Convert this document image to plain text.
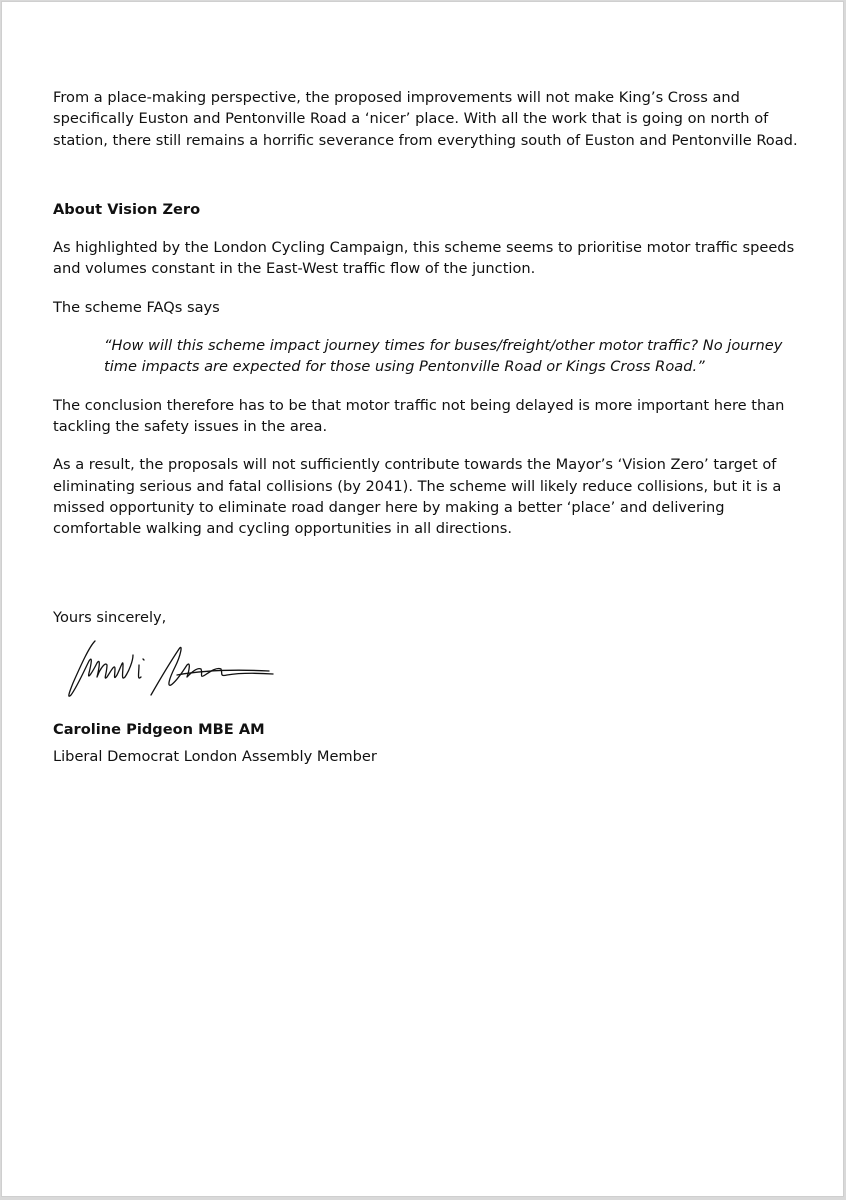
From a place-making perspective, the proposed improvements will not make King’s Cross and specifically Euston and Pentonville Road a ‘nicer’ place. With all the work that is going on north of station, there still remains a horrific severance from everything south of Euston and Pentonville Road.

About Vision Zero

As highlighted by the London Cycling Campaign, this scheme seems to prioritise motor traffic speeds and volumes constant in the East-West traffic flow of the junction.

The scheme FAQs says

“How will this scheme impact journey times for buses/freight/other motor traffic? No journey time impacts are expected for those using Pentonville Road or Kings Cross Road.”

The conclusion therefore has to be that motor traffic not being delayed is more important here than tackling the safety issues in the area.

As a result, the proposals will not sufficiently contribute towards the Mayor’s ‘Vision Zero’ target of eliminating serious and fatal collisions (by 2041). The scheme will likely reduce collisions, but it is a missed opportunity to eliminate road danger here by making a better ‘place’ and delivering comfortable walking and cycling opportunities in all directions.

Yours sincerely,

Caroline Pidgeon MBE AM

Liberal Democrat London Assembly Member
